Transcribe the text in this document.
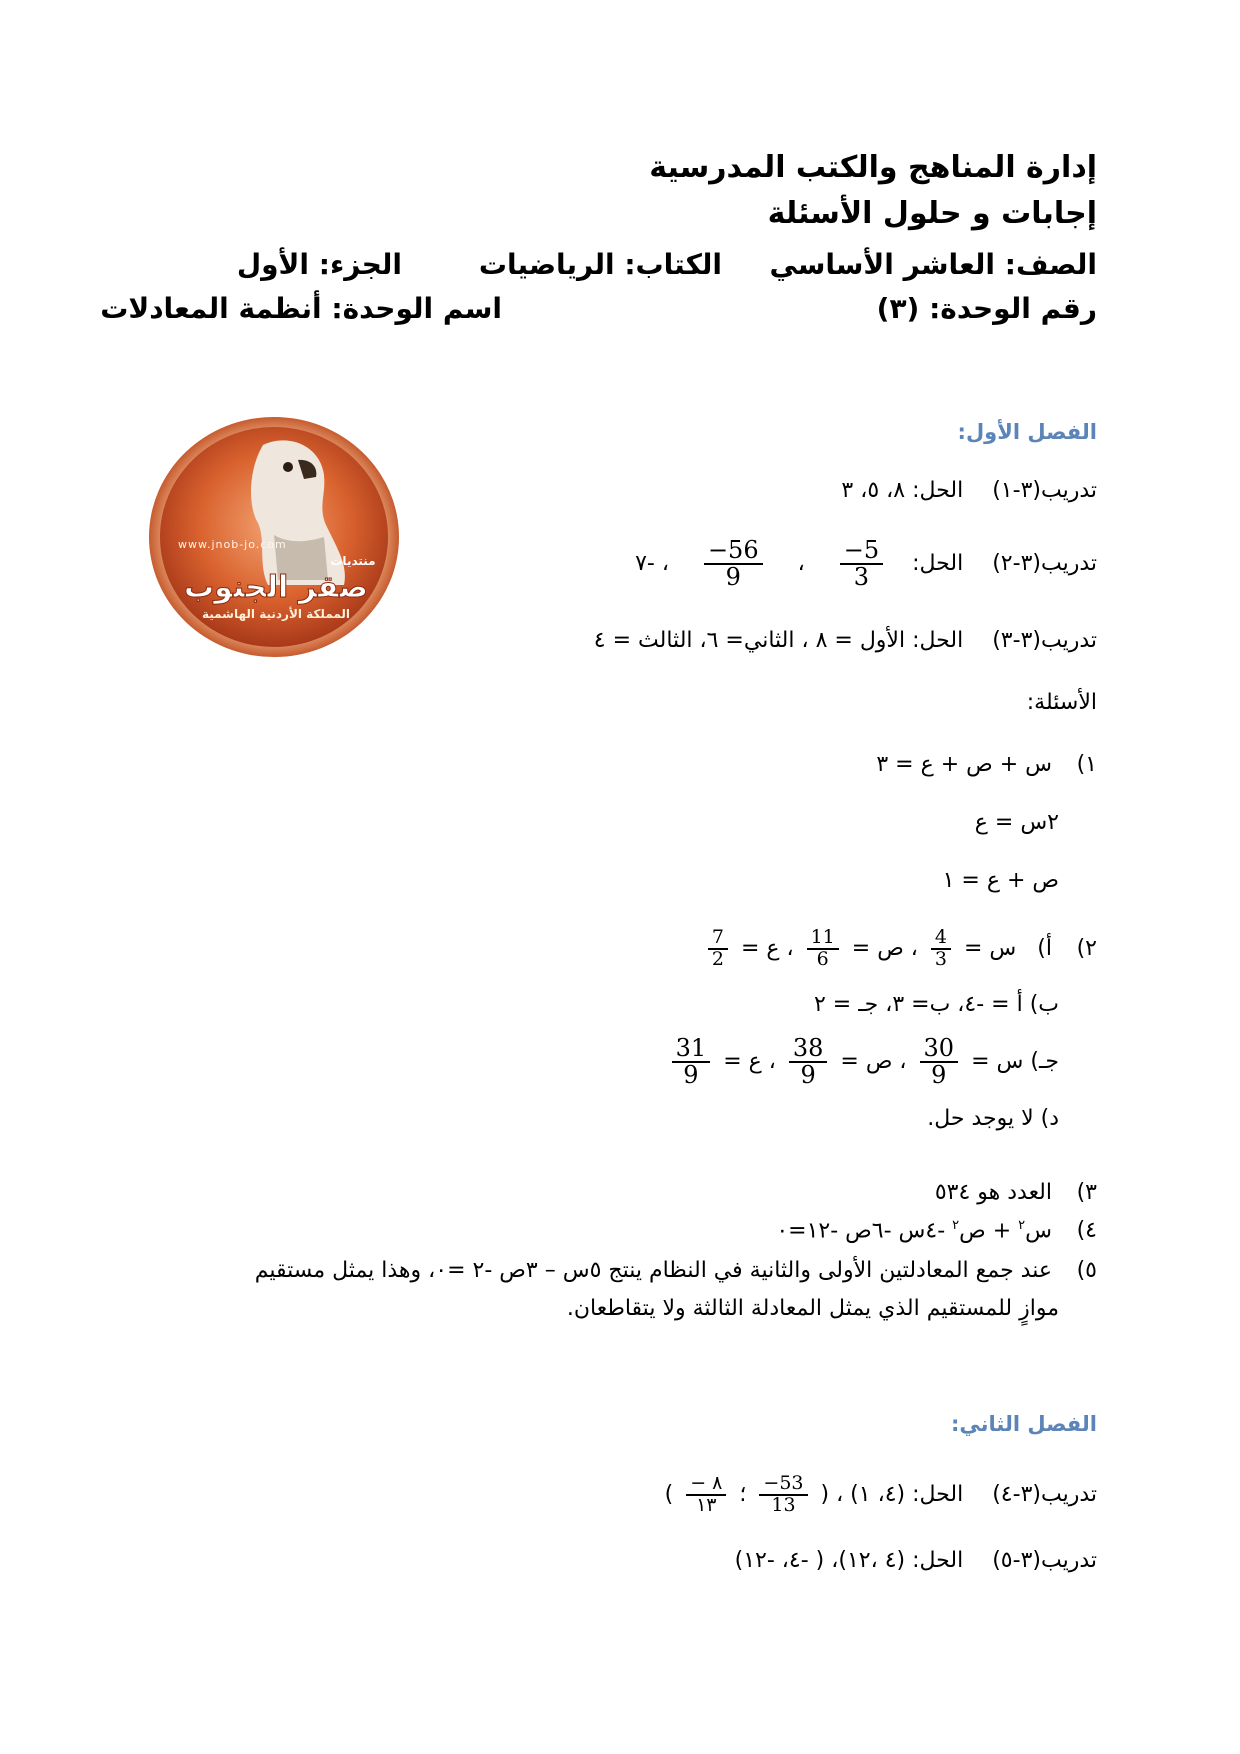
إدارة المناهج والكتب المدرسية
إجابات و حلول الأسئلة
الصف: العاشر الأساسي
الكتاب: الرياضيات
الجزء: الأول
رقم الوحدة: (٣)
اسم الوحدة: أنظمة المعادلات
www.jnob-jo.com
منتديات
صقر الجنوب
المملكة الأردنية الهاشمية
الفصل الأول:
تدريب(٣-١) الحل: ٨، ٥، ٣
تدريب(٣-٢) الحل:
$\frac{5-}{3}$
،
$\frac{56-}{9}$
، -٧
تدريب(٣-٣) الحل: الأول = ٨ ، الثاني= ٦، الثالث = ٤
الأسئلة:
١) س + ص + ع = ٣
٢س = ع
ص + ع = ١
٢) أ) س =
$\frac{4}{3}$
، ص =
$\frac{11}{6}$
، ع =
$\frac{7}{2}$
ب) أ = -٤، ب= ٣، جـ = ٢
جـ) س =
$\frac{30}{9}$
، ص =
$\frac{38}{9}$
، ع =
$\frac{31}{9}$
د) لا يوجد حل.
٣) العدد هو ٥٣٤
٤) س$^٢$ + ص$^٢$ -٤س -٦ص -١٢=٠
٥) عند جمع المعادلتين الأولى والثانية في النظام ينتج ٥س – ٣ص -٢ =٠، وهذا يمثل مستقيم
موازٍ للمستقيم الذي يمثل المعادلة الثالثة ولا يتقاطعان.
الفصل الثاني:
تدريب(٣-٤) الحل: (٤، ١) ، (
$\frac{53-}{13}$
؛
$\frac{٨ -}{١٣}$
)
تدريب(٣-٥) الحل: (٤ ،١٢)، ( -٤، -١٢)
